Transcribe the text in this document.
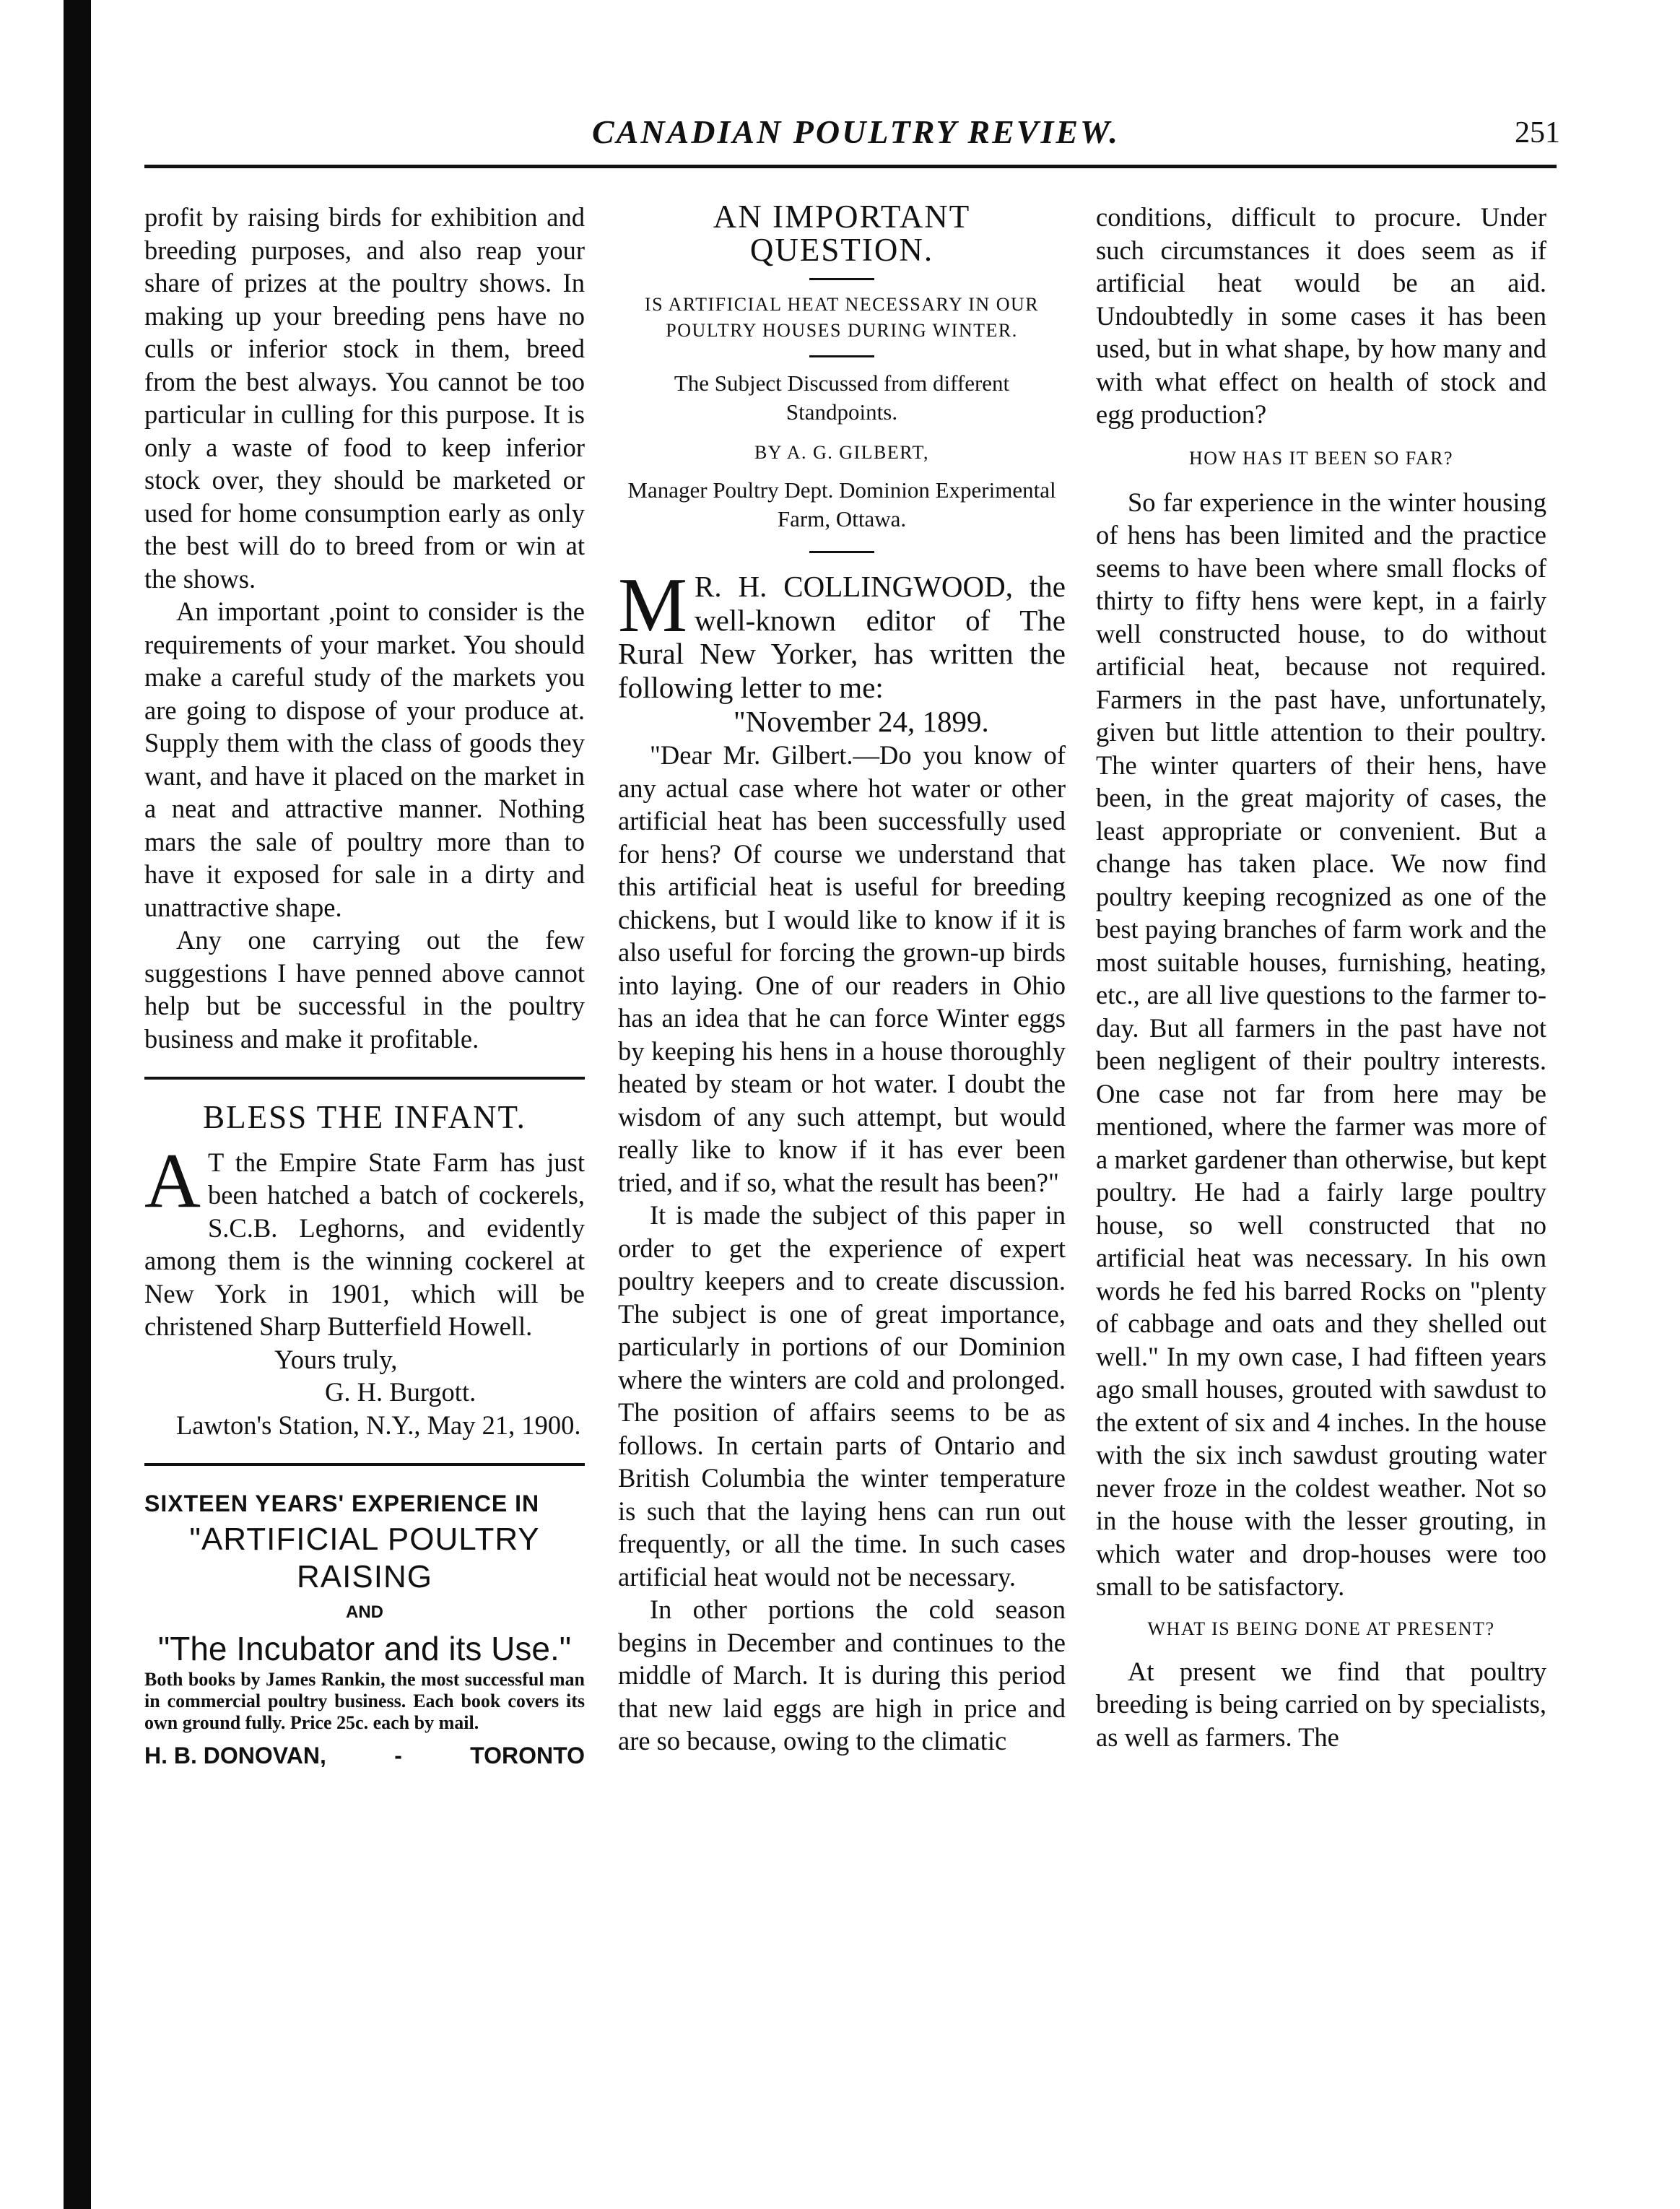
CANADIAN POULTRY REVIEW.	251

profit by raising birds for exhibition and breeding purposes, and also reap your share of prizes at the poultry shows. In making up your breeding pens have no culls or inferior stock in them, breed from the best always. You cannot be too particular in culling for this purpose. It is only a waste of food to keep inferior stock over, they should be marketed or used for home consumption early as only the best will do to breed from or win at the shows.

An important ,point to consider is the requirements of your market. You should make a careful study of the markets you are going to dispose of your produce at. Supply them with the class of goods they want, and have it placed on the market in a neat and attractive manner. Nothing mars the sale of poultry more than to have it exposed for sale in a dirty and unattractive shape.

Any one carrying out the few suggestions I have penned above cannot help but be successful in the poultry business and make it profitable.

BLESS THE INFANT.

A T the Empire State Farm has just been hatched a batch of cockerels, S.C.B. Leghorns, and evidently among them is the winning cockerel at New York in 1901, which will be christened Sharp Butterfield Howell.

Yours truly,
G. H. Burgott.

Lawton's Station, N.Y., May 21, 1900.

SIXTEEN YEARS' EXPERIENCE IN
"ARTIFICIAL POULTRY RAISING
AND
"The Incubator and its Use."
Both books by James Rankin, the most successful man in commercial poultry business. Each book covers its own ground fully. Price 25c. each by mail.
H. B. DONOVAN,	-	TORONTO
AN IMPORTANT QUESTION.
IS ARTIFICIAL HEAT NECESSARY IN OUR POULTRY HOUSES DURING WINTER.
The Subject Discussed from different Standpoints.
BY A. G. GILBERT,
Manager Poultry Dept. Dominion Experimental Farm, Ottawa.

M R. H. COLLINGWOOD, the well-known editor of The Rural New Yorker, has written the following letter to me:

"November 24, 1899.

"Dear Mr. Gilbert.—Do you know of any actual case where hot water or other artificial heat has been successfully used for hens? Of course we understand that this artificial heat is useful for breeding chickens, but I would like to know if it is also useful for forcing the grown-up birds into laying. One of our readers in Ohio has an idea that he can force Winter eggs by keeping his hens in a house thoroughly heated by steam or hot water. I doubt the wisdom of any such attempt, but would really like to know if it has ever been tried, and if so, what the result has been?"

It is made the subject of this paper in order to get the experience of expert poultry keepers and to create discussion. The subject is one of great importance, particularly in portions of our Dominion where the winters are cold and prolonged. The position of affairs seems to be as follows. In certain parts of Ontario and British Columbia the winter temperature is such that the laying hens can run out frequently, or all the time. In such cases artificial heat would not be necessary.

In other portions the cold season begins in December and continues to the middle of March. It is during this period that new laid eggs are high in price and are so because, owing to the climatic

conditions, difficult to procure. Under such circumstances it does seem as if artificial heat would be an aid. Undoubtedly in some cases it has been used, but in what shape, by how many and with what effect on health of stock and egg production?

HOW HAS IT BEEN SO FAR?

So far experience in the winter housing of hens has been limited and the practice seems to have been where small flocks of thirty to fifty hens were kept, in a fairly well constructed house, to do without artificial heat, because not required. Farmers in the past have, unfortunately, given but little attention to their poultry. The winter quarters of their hens, have been, in the great majority of cases, the least appropriate or convenient. But a change has taken place. We now find poultry keeping recognized as one of the best paying branches of farm work and the most suitable houses, furnishing, heating, etc., are all live questions to the farmer to-day. But all farmers in the past have not been negligent of their poultry interests. One case not far from here may be mentioned, where the farmer was more of a market gardener than otherwise, but kept poultry. He had a fairly large poultry house, so well constructed that no artificial heat was necessary. In his own words he fed his barred Rocks on "plenty of cabbage and oats and they shelled out well." In my own case, I had fifteen years ago small houses, grouted with sawdust to the extent of six and 4 inches. In the house with the six inch sawdust grouting water never froze in the coldest weather. Not so in the house with the lesser grouting, in which water and drop-houses were too small to be satisfactory.

WHAT IS BEING DONE AT PRESENT?

At present we find that poultry breeding is being carried on by specialists, as well as farmers. The
